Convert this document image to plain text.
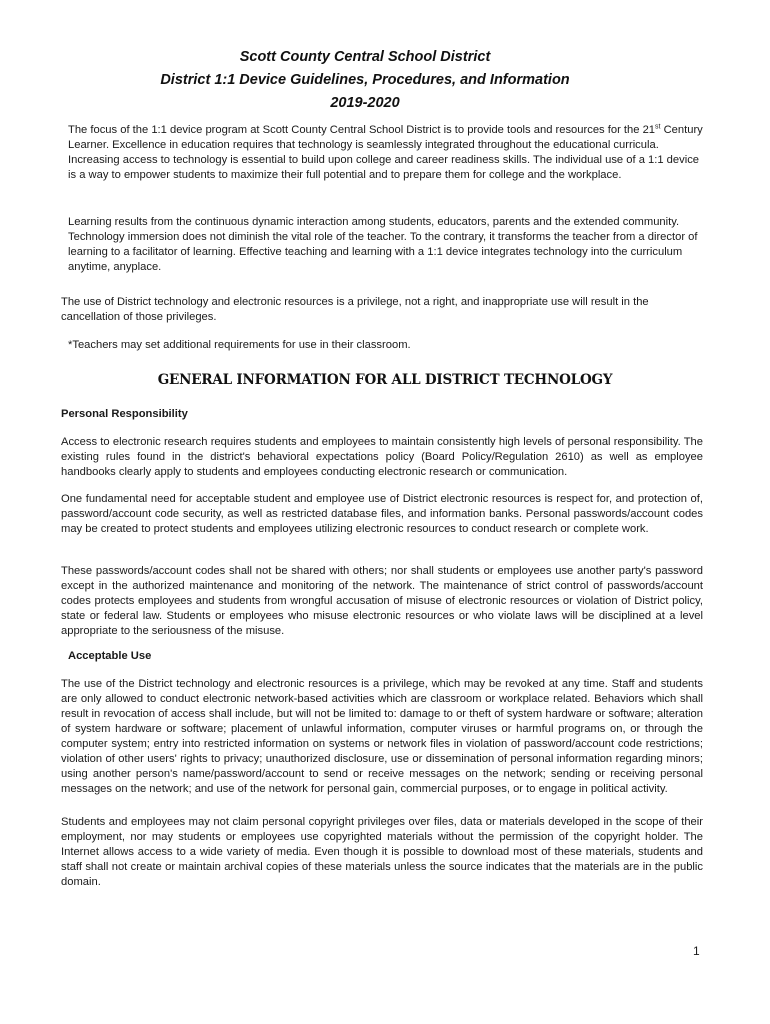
Scott County Central School District

District 1:1 Device Guidelines, Procedures, and Information

2019-2020

The focus of the 1:1 device program at Scott County Central School District is to provide tools and resources for the 21st Century Learner. Excellence in education requires that technology is seamlessly integrated throughout the educational curricula. Increasing access to technology is essential to build upon college and career readiness skills. The individual use of a 1:1 device is a way to empower students to maximize their full potential and to prepare them for college and the workplace.

Learning results from the continuous dynamic interaction among students, educators, parents and the extended community. Technology immersion does not diminish the vital role of the teacher. To the contrary, it transforms the teacher from a director of learning to a facilitator of learning. Effective teaching and learning with a 1:1 device integrates technology into the curriculum anytime, anyplace.

The use of District technology and electronic resources is a privilege, not a right, and inappropriate use will result in the cancellation of those privileges.

*Teachers may set additional requirements for use in their classroom.

GENERAL INFORMATION FOR ALL DISTRICT TECHNOLOGY

Personal Responsibility

Access to electronic research requires students and employees to maintain consistently high levels of personal responsibility. The existing rules found in the district's behavioral expectations policy (Board Policy/Regulation 2610) as well as employee handbooks clearly apply to students and employees conducting electronic research or communication.

One fundamental need for acceptable student and employee use of District electronic resources is respect for, and protection of, password/account code security, as well as restricted database files, and information banks. Personal passwords/account codes may be created to protect students and employees utilizing electronic resources to conduct research or complete work.

These passwords/account codes shall not be shared with others; nor shall students or employees use another party's password except in the authorized maintenance and monitoring of the network. The maintenance of strict control of passwords/account codes protects employees and students from wrongful accusation of misuse of electronic resources or violation of District policy, state or federal law. Students or employees who misuse electronic resources or who violate laws will be disciplined at a level appropriate to the seriousness of the misuse.

Acceptable Use

The use of the District technology and electronic resources is a privilege, which may be revoked at any time. Staff and students are only allowed to conduct electronic network-based activities which are classroom or workplace related. Behaviors which shall result in revocation of access shall include, but will not be limited to: damage to or theft of system hardware or software; alteration of system hardware or software; placement of unlawful information, computer viruses or harmful programs on, or through the computer system; entry into restricted information on systems or network files in violation of password/account code restrictions; violation of other users' rights to privacy; unauthorized disclosure, use or dissemination of personal information regarding minors; using another person's name/password/account to send or receive messages on the network; sending or receiving personal messages on the network; and use of the network for personal gain, commercial purposes, or to engage in political activity.

Students and employees may not claim personal copyright privileges over files, data or materials developed in the scope of their employment, nor may students or employees use copyrighted materials without the permission of the copyright holder. The Internet allows access to a wide variety of media. Even though it is possible to download most of these materials, students and staff shall not create or maintain archival copies of these materials unless the source indicates that the materials are in the public domain.

1
